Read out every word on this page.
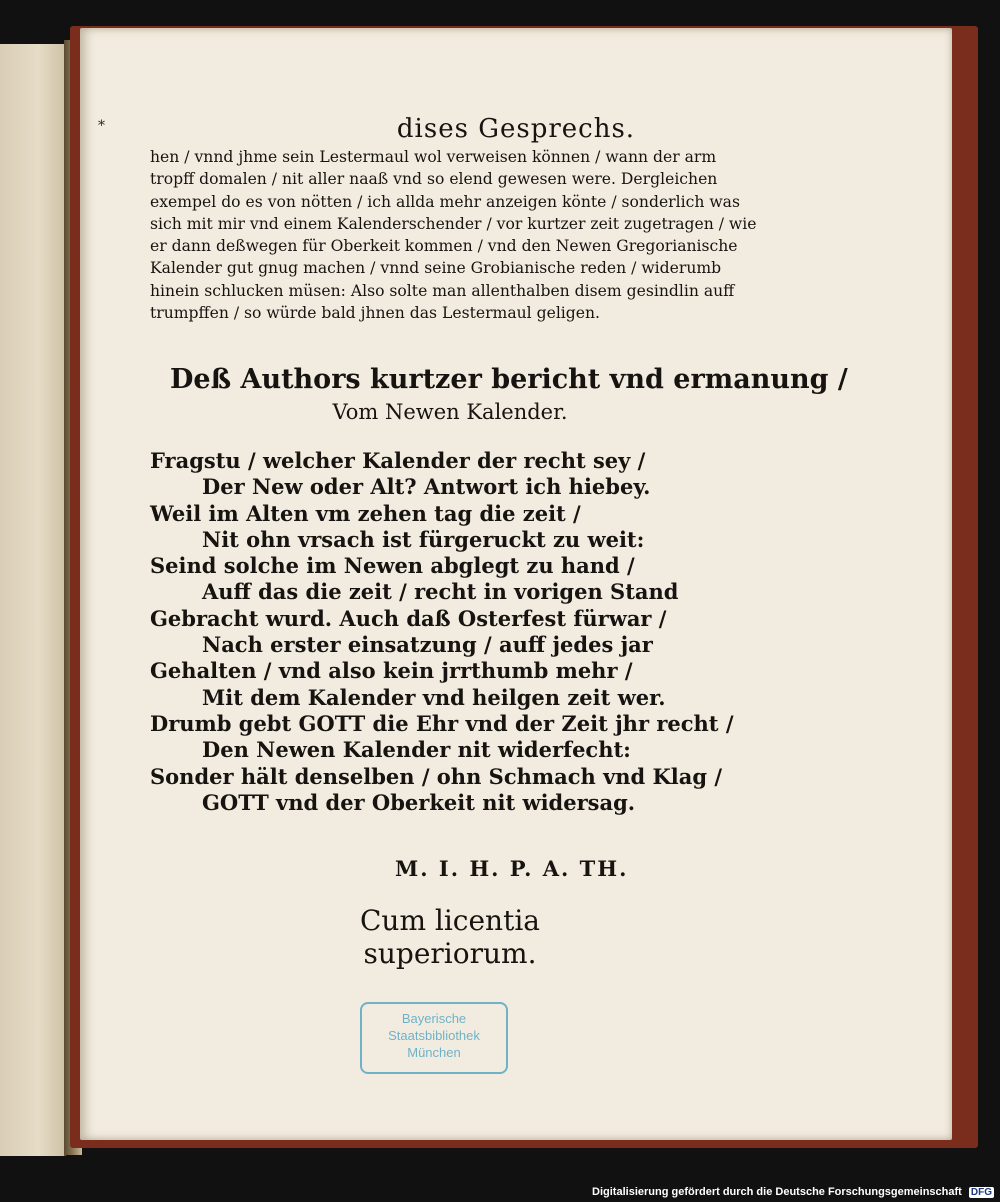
*	dises Gesprechs.
hen / vnnd jhme sein Lestermaul wol verweisen können / wann der arm
tropff domalen / nit aller naaß vnd so elend gewesen were. Dergleichen
exempel do es von nötten / ich allda mehr anzeigen könte / sonderlich was
sich mit mir vnd einem Kalenderschender / vor kurtzer zeit zugetragen / wie
er dann deßwegen für Oberkeit kommen / vnd den Newen Gregorianische
Kalender gut gnug machen / vnnd seine Grobianische reden / widerumb
hinein schlucken müsen: Also solte man allenthalben disem gesindlin auff
trumpffen / so würde bald jhnen das Lestermaul geligen.
Deß Authors kurtzer bericht vnd ermanung /
Vom Newen Kalender.
Fragstu / welcher Kalender der recht sey /
Der New oder Alt? Antwort ich hiebey.
Weil im Alten vm zehen tag die zeit /
Nit ohn vrsach ist fürgeruckt zu weit:
Seind solche im Newen abglegt zu hand /
Auff das die zeit / recht in vorigen Stand
Gebracht wurd. Auch daß Osterfest fürwar /
Nach erster einsatzung / auff jedes jar
Gehalten / vnd also kein jrrthumb mehr /
Mit dem Kalender vnd heilgen zeit wer.
Drumb gebt GOTT die Ehr vnd der Zeit jhr recht /
Den Newen Kalender nit widerfecht:
Sonder hält denselben / ohn Schmach vnd Klag /
GOTT vnd der Oberkeit nit widersag.
M. I. H. P. A. TH.
Cum licentia superiorum.
Bayerische
Staatsbibliothek
München
Digitalisierung gefördert durch die Deutsche Forschungsgemeinschaft DFG
